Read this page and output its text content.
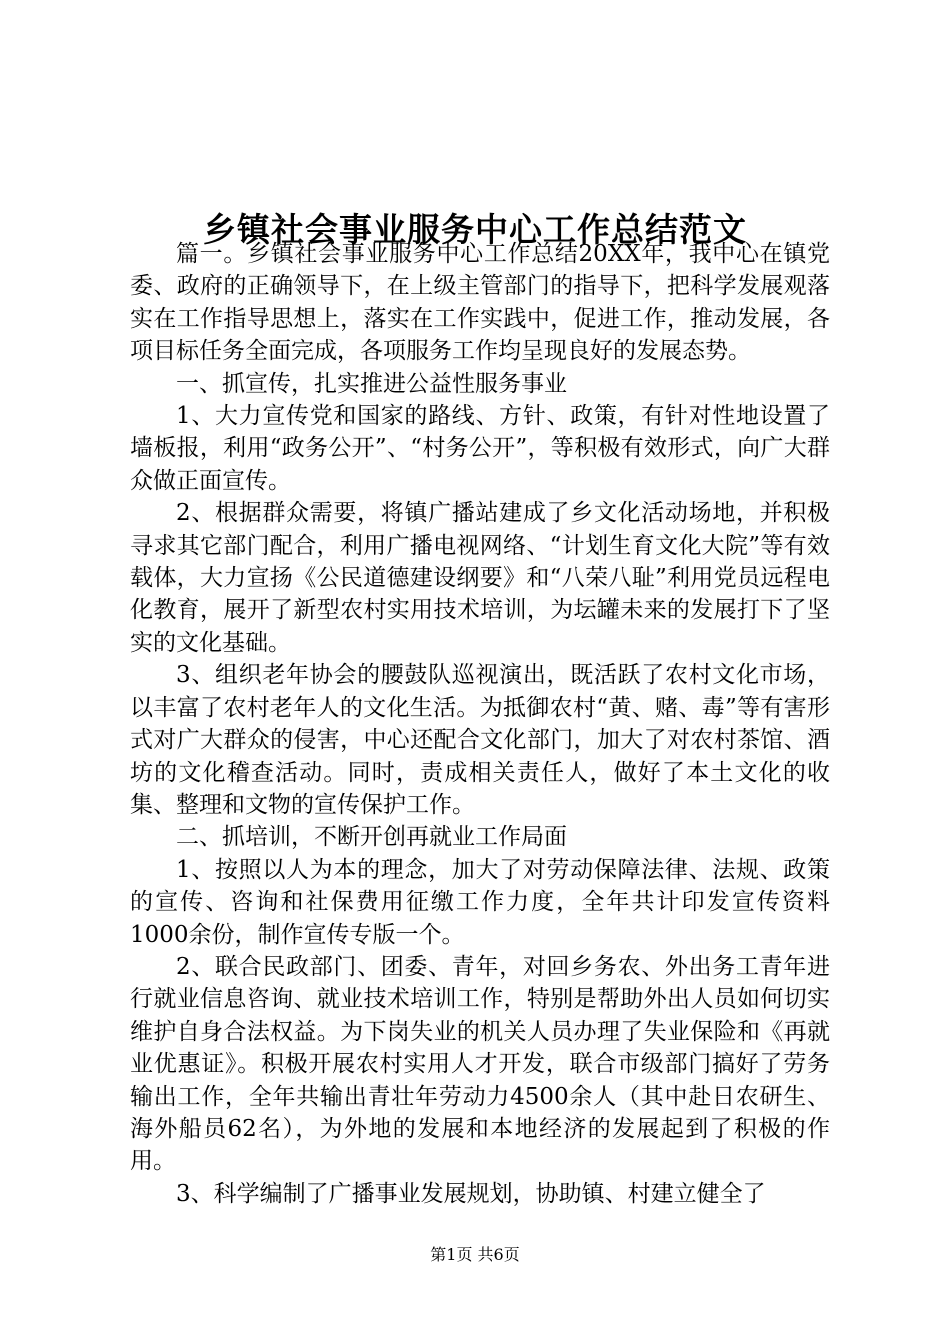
乡镇社会事业服务中心工作总结范文

篇一。乡镇社会事业服务中心工作总结20XX年，我中心在镇党委、政府的正确领导下，在上级主管部门的指导下，把科学发展观落实在工作指导思想上，落实在工作实践中，促进工作，推动发展，各项目标任务全面完成，各项服务工作均呈现良好的发展态势。

一、抓宣传，扎实推进公益性服务事业

1、大力宣传党和国家的路线、方针、政策，有针对性地设置了墙板报，利用“政务公开”、“村务公开”，等积极有效形式，向广大群众做正面宣传。

2、根据群众需要，将镇广播站建成了乡文化活动场地，并积极寻求其它部门配合，利用广播电视网络、“计划生育文化大院”等有效载体，大力宣扬《公民道德建设纲要》和“八荣八耻”利用党员远程电化教育，展开了新型农村实用技术培训，为坛罐未来的发展打下了坚实的文化基础。

3、组织老年协会的腰鼓队巡视演出，既活跃了农村文化市场，以丰富了农村老年人的文化生活。为抵御农村“黄、赌、毒”等有害形式对广大群众的侵害，中心还配合文化部门，加大了对农村茶馆、酒坊的文化稽查活动。同时，责成相关责任人，做好了本土文化的收集、整理和文物的宣传保护工作。

二、抓培训，不断开创再就业工作局面

1、按照以人为本的理念，加大了对劳动保障法律、法规、政策的宣传、咨询和社保费用征缴工作力度，全年共计印发宣传资料1000余份，制作宣传专版一个。

2、联合民政部门、团委、青年，对回乡务农、外出务工青年进行就业信息咨询、就业技术培训工作，特别是帮助外出人员如何切实维护自身合法权益。为下岗失业的机关人员办理了失业保险和《再就业优惠证》。积极开展农村实用人才开发，联合市级部门搞好了劳务输出工作，全年共输出青壮年劳动力4500余人（其中赴日农研生、海外船员62名），为外地的发展和本地经济的发展起到了积极的作用。

3、科学编制了广播事业发展规划，协助镇、村建立健全了

第1页 共6页
